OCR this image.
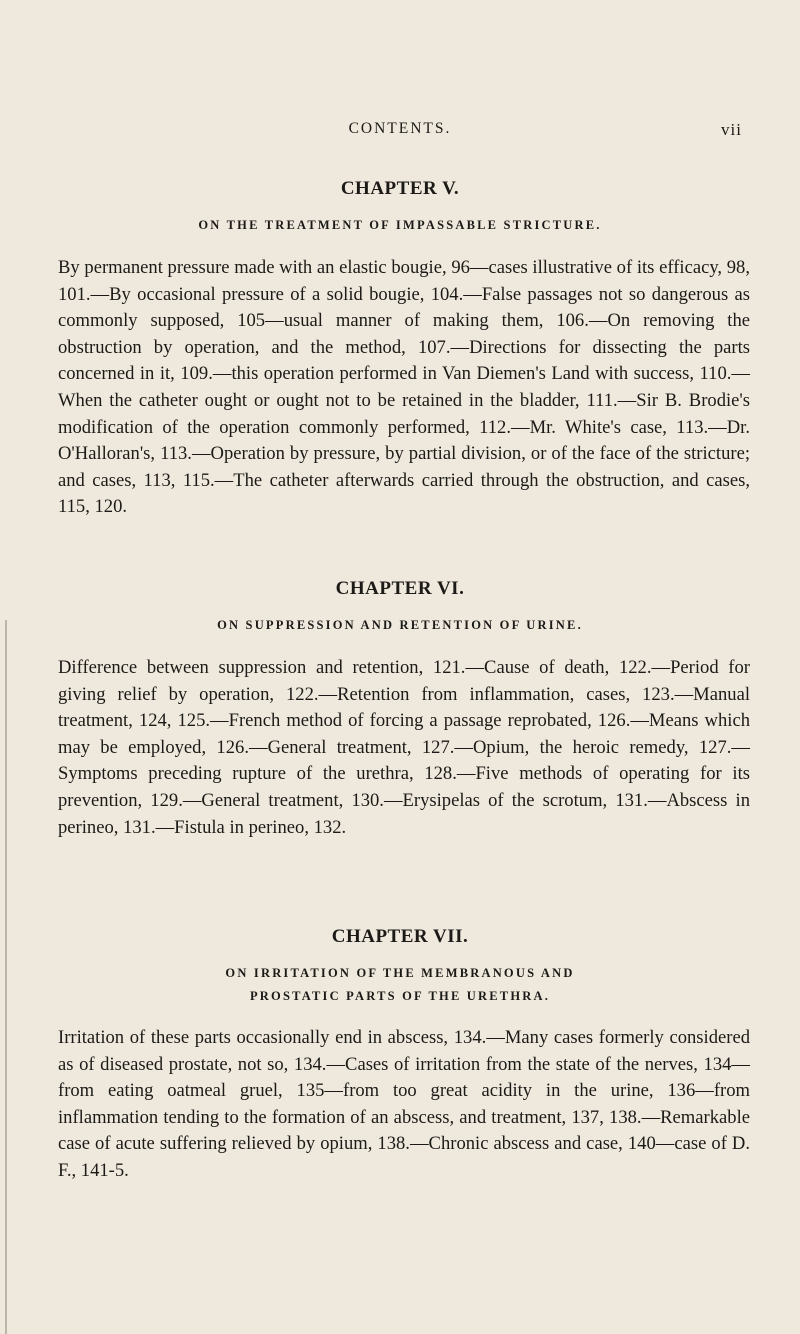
CONTENTS.	vii
CHAPTER V.
ON THE TREATMENT OF IMPASSABLE STRICTURE.

By permanent pressure made with an elastic bougie, 96—cases illustrative of its efficacy, 98, 101.—By occasional pressure of a solid bougie, 104.—False passages not so dangerous as commonly supposed, 105—usual manner of making them, 106.—On removing the obstruction by operation, and the method, 107.—Directions for dissecting the parts concerned in it, 109.—this operation performed in Van Diemen's Land with success, 110.—When the catheter ought or ought not to be retained in the bladder, 111.—Sir B. Brodie's modification of the operation commonly performed, 112.—Mr. White's case, 113.—Dr. O'Halloran's, 113.—Operation by pressure, by partial division, or of the face of the stricture; and cases, 113, 115.—The catheter afterwards carried through the obstruction, and cases, 115, 120.

CHAPTER VI.
ON SUPPRESSION AND RETENTION OF URINE.

Difference between suppression and retention, 121.—Cause of death, 122.—Period for giving relief by operation, 122.—Retention from inflammation, cases, 123.—Manual treatment, 124, 125.—French method of forcing a passage reprobated, 126.—Means which may be employed, 126.—General treatment, 127.—Opium, the heroic remedy, 127.—Symptoms preceding rupture of the urethra, 128.—Five methods of operating for its prevention, 129.—General treatment, 130.—Erysipelas of the scrotum, 131.—Abscess in perineo, 131.—Fistula in perineo, 132.

CHAPTER VII.
ON IRRITATION OF THE MEMBRANOUS AND PROSTATIC PARTS OF THE URETHRA.

Irritation of these parts occasionally end in abscess, 134.—Many cases formerly considered as of diseased prostate, not so, 134.—Cases of irritation from the state of the nerves, 134—from eating oatmeal gruel, 135—from too great acidity in the urine, 136—from inflammation tending to the formation of an abscess, and treatment, 137, 138.—Remarkable case of acute suffering relieved by opium, 138.—Chronic abscess and case, 140—case of D. F., 141-5.
